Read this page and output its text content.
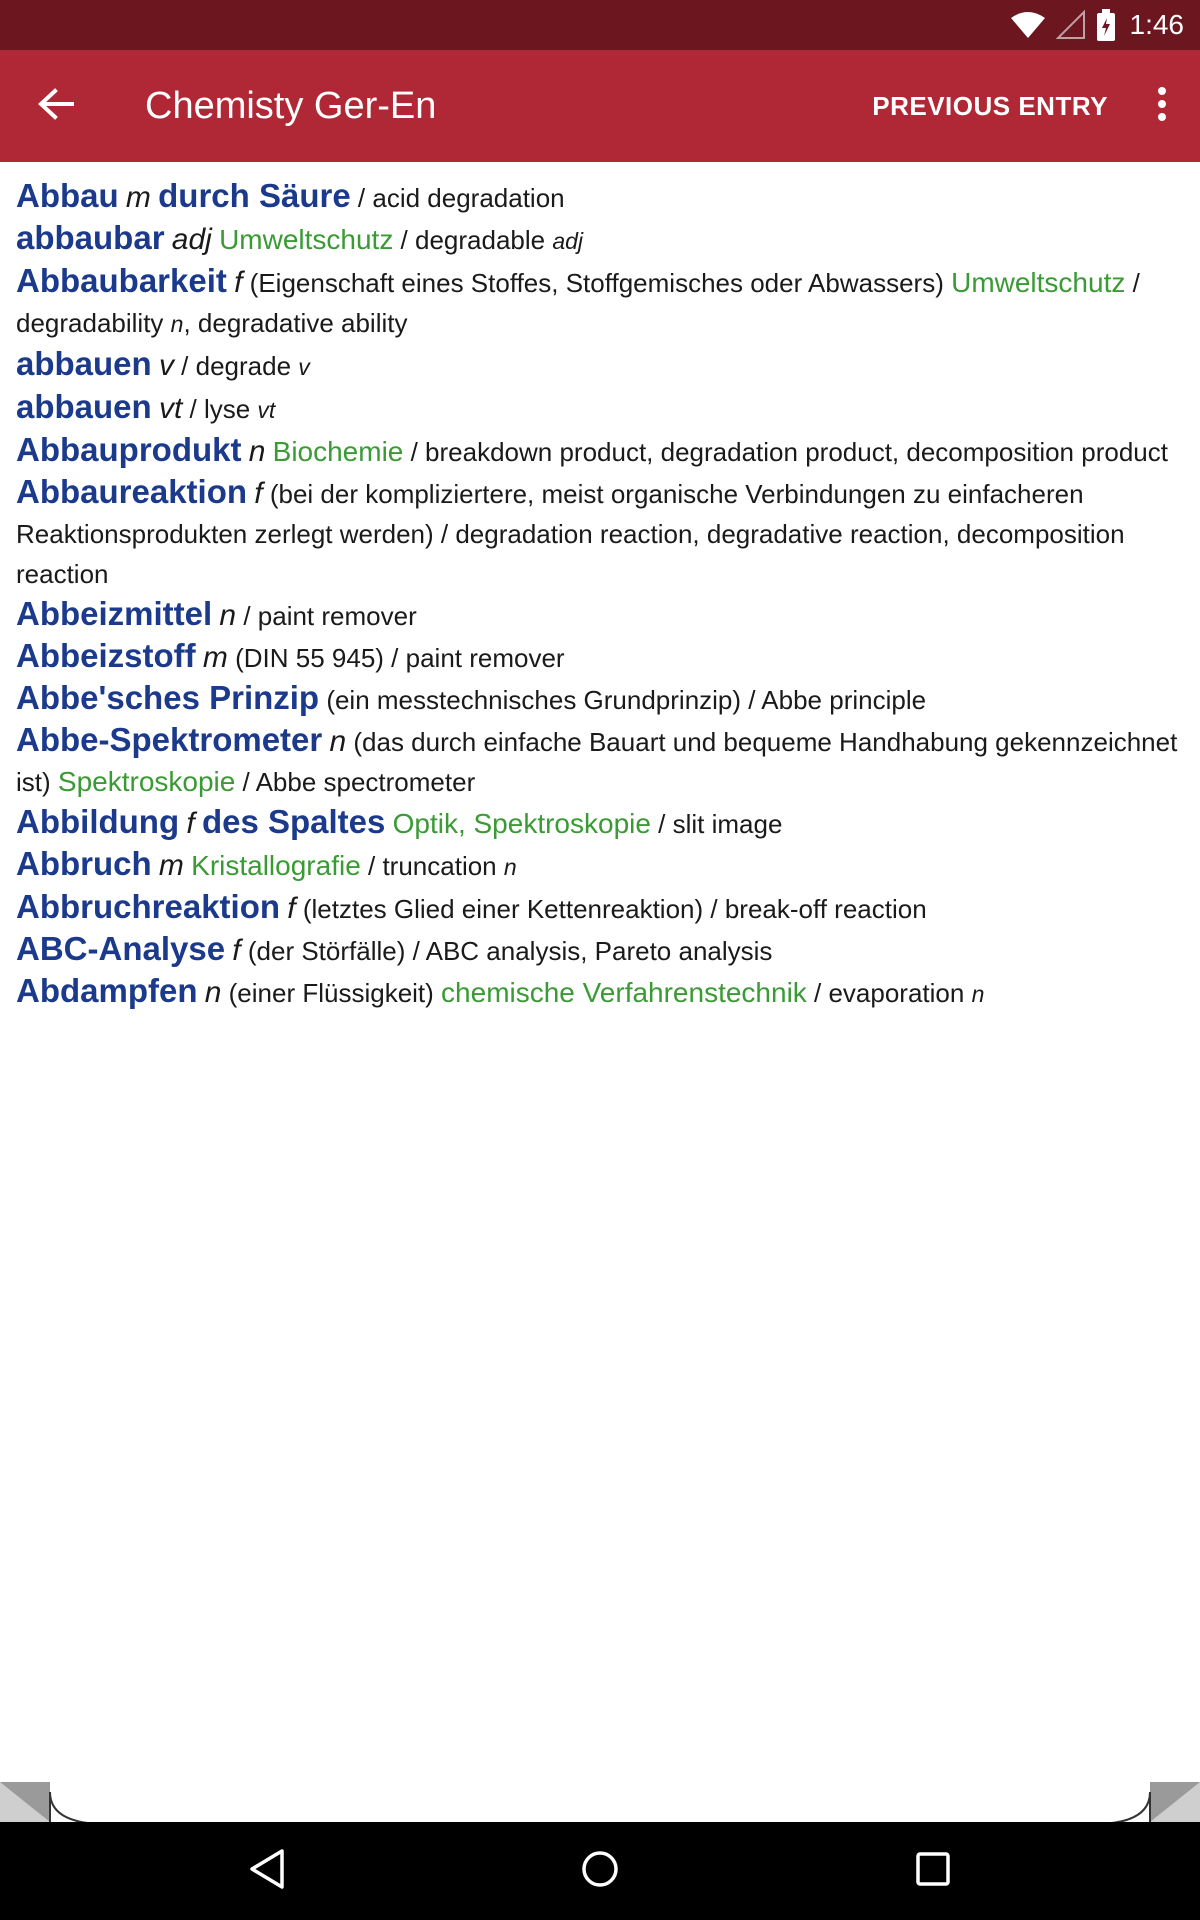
1:46
Chemisty Ger-En	PREVIOUS ENTRY
Abbau m durch Säure / acid degradation
abbaubar adj Umweltschutz / degradable adj
Abbaubarkeit f (Eigenschaft eines Stoffes, Stoffgemisches oder Abwassers) Umweltschutz / degradability n, degradative ability
abbauen v / degrade v
abbauen vt / lyse vt
Abbauprodukt n Biochemie / breakdown product, degradation product, decomposition product
Abbaureaktion f (bei der kompliziertere, meist organische Verbindungen zu einfacheren Reaktionsprodukten zerlegt werden) / degradation reaction, degradative reaction, decomposition reaction
Abbeizmittel n / paint remover
Abbeizstoff m (DIN 55 945) / paint remover
Abbe'sches Prinzip (ein messtechnisches Grundprinzip) / Abbe principle
Abbe-Spektrometer n (das durch einfache Bauart und bequeme Handhabung gekennzeichnet ist) Spektroskopie / Abbe spectrometer
Abbildung f des Spaltes Optik, Spektroskopie / slit image
Abbruch m Kristallografie / truncation n
Abbruchreaktion f (letztes Glied einer Kettenreaktion) / break-off reaction
ABC-Analyse f (der Störfälle) / ABC analysis, Pareto analysis
Abdampfen n (einer Flüssigkeit) chemische Verfahrenstechnik / evaporation n
